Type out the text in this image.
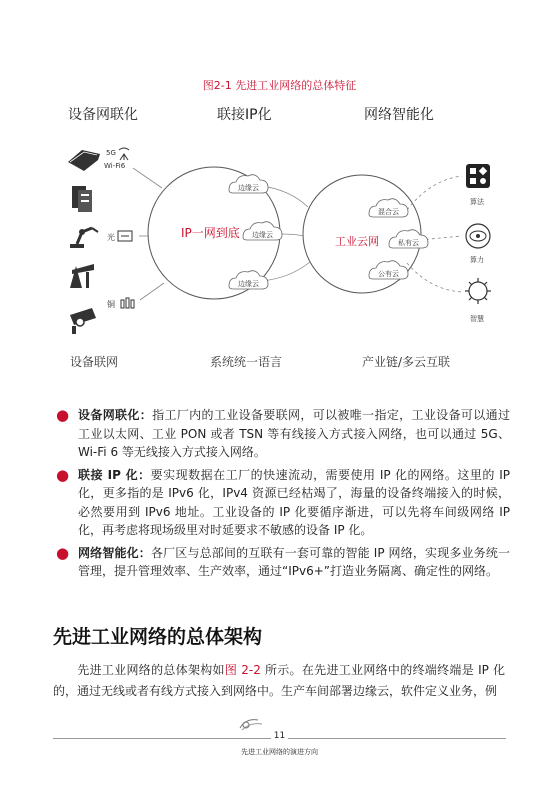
图2-1 先进工业网络的总体特征
设备网联化	联接IP化	网络智能化
5G
Wi-Fi6
光
铜
IP一网到底
工业云网
边缘云
边缘云
边缘云
混合云
私有云
公有云
算法
算力
智慧
设备联网	系统统一语言	产业链/多云互联
● 设备网联化：指工厂内的工业设备要联网，可以被唯一指定，工业设备可以通过工业以太网、工业 PON 或者 TSN 等有线接入方式接入网络，也可以通过 5G、Wi-Fi 6 等无线接入方式接入网络。
● 联接 IP 化：要实现数据在工厂的快速流动，需要使用 IP 化的网络。这里的 IP 化，更多指的是 IPv6 化，IPv4 资源已经枯竭了，海量的设备终端接入的时候，必然要用到 IPv6 地址。工业设备的 IP 化要循序渐进，可以先将车间级网络 IP 化，再考虑将现场级里对时延要求不敏感的设备 IP 化。
● 网络智能化：各厂区与总部间的互联有一套可靠的智能 IP 网络，实现多业务统一管理，提升管理效率、生产效率，通过“IPv6+”打造业务隔离、确定性的网络。
先进工业网络的总体架构
先进工业网络的总体架构如图 2-2 所示。在先进工业网络中的终端终端是 IP 化的，通过无线或者有线方式接入到网络中。生产车间部署边缘云，软件定义业务，例
11
先进工业网络的演进方向
